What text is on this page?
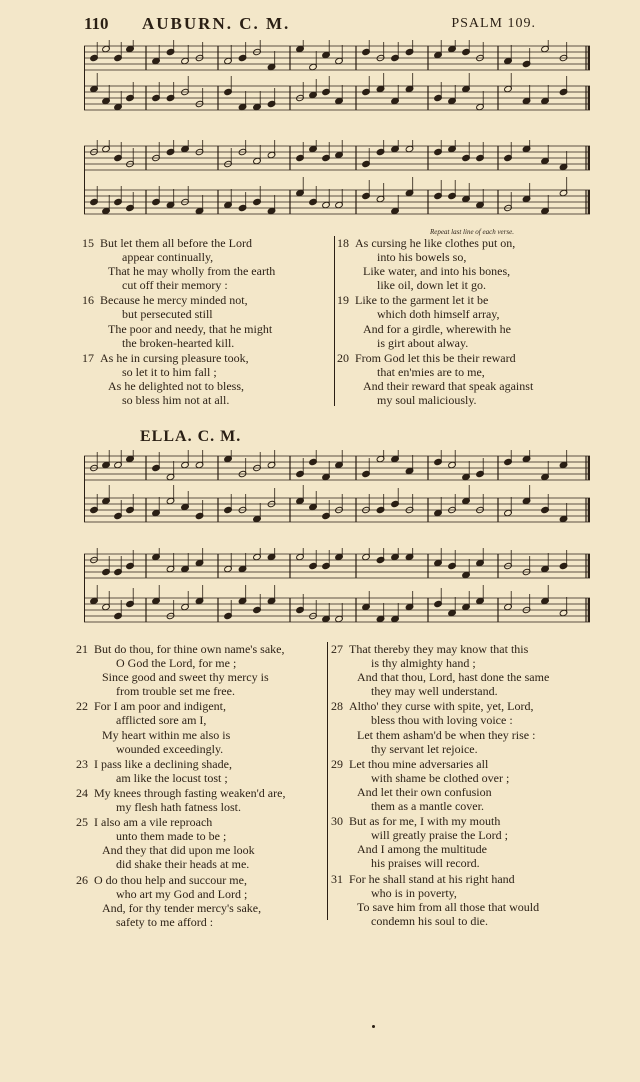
110 AUBURN. C. M.	PSALM 109.
Repeat last line of each verse.
15 But let them all before the Lord
appear continually,
That he may wholly from the earth
cut off their memory :
16 Because he mercy minded not,
but persecuted still
The poor and needy, that he might
the broken-hearted kill.
17 As he in cursing pleasure took,
so let it to him fall ;
As he delighted not to bless,
so bless him not at all.
18 As cursing he like clothes put on,
into his bowels so,
Like water, and into his bones,
like oil, down let it go.
19 Like to the garment let it be
which doth himself array,
And for a girdle, wherewith he
is girt about alway.
20 From God let this be their reward
that en'mies are to me,
And their reward that speak against
my soul maliciously.
ELLA. C. M.
21 But do thou, for thine own name's sake,
O God the Lord, for me ;
Since good and sweet thy mercy is
from trouble set me free.
22 For I am poor and indigent,
afflicted sore am I,
My heart within me also is
wounded exceedingly.
23 I pass like a declining shade,
am like the locust tost ;
24 My knees through fasting weaken'd are,
my flesh hath fatness lost.
25 I also am a vile reproach
unto them made to be ;
And they that did upon me look
did shake their heads at me.
26 O do thou help and succour me,
who art my God and Lord ;
And, for thy tender mercy's sake,
safety to me afford :
27 That thereby they may know that this
is thy almighty hand ;
And that thou, Lord, hast done the same
they may well understand.
28 Altho' they curse with spite, yet, Lord,
bless thou with loving voice :
Let them asham'd be when they rise :
thy servant let rejoice.
29 Let thou mine adversaries all
with shame be clothed over ;
And let their own confusion
them as a mantle cover.
30 But as for me, I with my mouth
will greatly praise the Lord ;
And I among the multitude
his praises will record.
31 For he shall stand at his right hand
who is in poverty,
To save him from all those that would
condemn his soul to die.
